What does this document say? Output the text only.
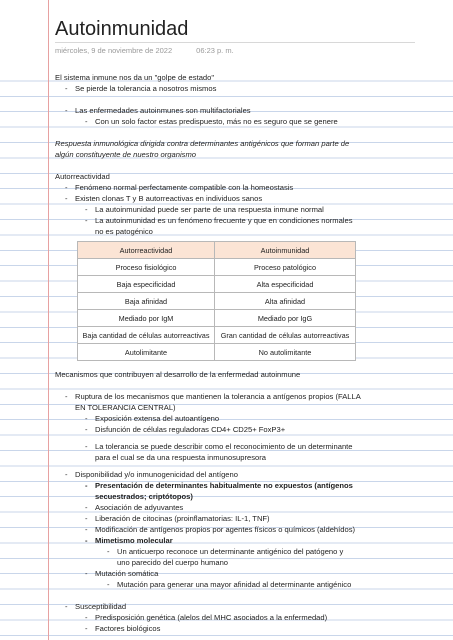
Autoinmunidad
miércoles, 9 de noviembre de 2022	06:23 p. m.
El sistema inmune nos da un "golpe de estado"
- Se pierde la tolerancia a nosotros mismos
- Las enfermedades autoinmunes son multifactoriales
- Con un solo factor estas predispuesto, más no es seguro que se genere
Respuesta inmunológica dirigida contra determinantes antigénicos que forman parte de
algún constituyente de nuestro organismo
Autorreactividad
- Fenómeno normal perfectamente compatible con la homeostasis
- Existen clonas T y B autorreactivas en individuos sanos
- La autoinmunidad puede ser parte de una respuesta inmune normal
- La autoinmunidad es un fenómeno frecuente y que en condiciones normales
no es patogénico
Autorreactividad	Autoinmunidad
Proceso fisiológico	Proceso patológico
Baja especificidad	Alta especificidad
Baja afinidad	Alta afinidad
Mediado por IgM	Mediado por IgG
Baja cantidad de células autorreactivas	Gran cantidad de células autorreactivas
Autolimitante	No autolimitante
Mecanismos que contribuyen al desarrollo de la enfermedad autoinmune
- Ruptura de los mecanismos que mantienen la tolerancia a antígenos propios (FALLA
EN TOLERANCIA CENTRAL)
- Exposición extensa del autoantígeno
- Disfunción de células reguladoras CD4+ CD25+ FoxP3+
- La tolerancia se puede describir como el reconocimiento de un determinante
para el cual se da una respuesta inmunosupresora
- Disponibilidad y/o inmunogenicidad del antígeno
- Presentación de determinantes habitualmente no expuestos (antígenos
secuestrados; criptótopos)
- Asociación de adyuvantes
- Liberación de citocinas (proinflamatorias: IL-1, TNF)
- Modificación de antígenos propios por agentes físicos o químicos (aldehídos)
- Mimetismo molecular
- Un anticuerpo reconoce un determinante antigénico del patógeno y
uno parecido del cuerpo humano
- Mutación somática
- Mutación para generar una mayor afinidad al determinante antigénico
- Susceptibilidad
- Predisposición genética (alelos del MHC asociados a la enfermedad)
- Factores biológicos
